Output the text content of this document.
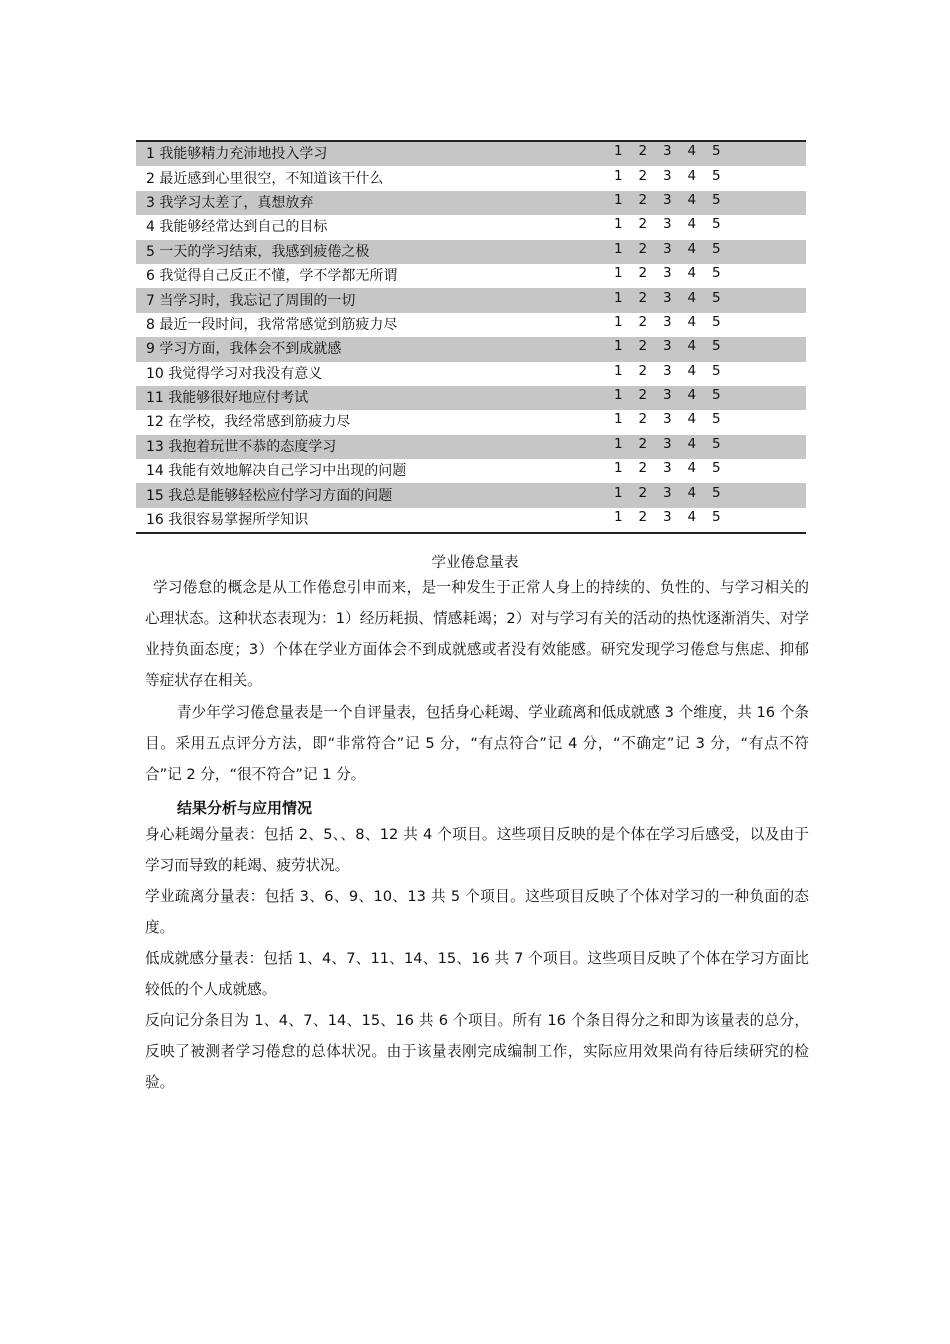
1 我能够精力充沛地投入学习	1	2	3	4	5
2 最近感到心里很空，不知道该干什么	1	2	3	4	5
3 我学习太差了，真想放弃	1	2	3	4	5
4 我能够经常达到自己的目标	1	2	3	4	5
5 一天的学习结束，我感到疲倦之极	1	2	3	4	5
6 我觉得自己反正不懂，学不学都无所谓	1	2	3	4	5
7 当学习时，我忘记了周围的一切	1	2	3	4	5
8 最近一段时间，我常常感觉到筋疲力尽	1	2	3	4	5
9 学习方面，我体会不到成就感	1	2	3	4	5
10 我觉得学习对我没有意义	1	2	3	4	5
11 我能够很好地应付考试	1	2	3	4	5
12 在学校，我经常感到筋疲力尽	1	2	3	4	5
13 我抱着玩世不恭的态度学习	1	2	3	4	5
14 我能有效地解决自己学习中出现的问题	1	2	3	4	5
15 我总是能够轻松应付学习方面的问题	1	2	3	4	5
16 我很容易掌握所学知识	1	2	3	4	5
学业倦怠量表

学习倦怠的概念是从工作倦怠引申而来，是一种发生于正常人身上的持续的、负性的、与学习相关的心理状态。这种状态表现为：1）经历耗损、情感耗竭；2）对与学习有关的活动的热忱逐渐消失、对学业持负面态度；3）个体在学业方面体会不到成就感或者没有效能感。研究发现学习倦怠与焦虑、抑郁等症状存在相关。

青少年学习倦怠量表是一个自评量表，包括身心耗竭、学业疏离和低成就感 3 个维度，共 16 个条目。采用五点评分方法，即“非常符合”记 5 分，“有点符合”记 4 分，“不确定”记 3 分，“有点不符合”记 2 分，“很不符合”记 1 分。

结果分析与应用情况

身心耗竭分量表：包括 2、5、、8、12 共 4 个项目。这些项目反映的是个体在学习后感受，以及由于学习而导致的耗竭、疲劳状况。

学业疏离分量表：包括 3、6、9、10、13 共 5 个项目。这些项目反映了个体对学习的一种负面的态度。

低成就感分量表：包括 1、4、7、11、14、15、16 共 7 个项目。这些项目反映了个体在学习方面比较低的个人成就感。

反向记分条目为 1、4、7、14、15、16 共 6 个项目。所有 16 个条目得分之和即为该量表的总分，反映了被测者学习倦怠的总体状况。由于该量表刚完成编制工作，实际应用效果尚有待后续研究的检验。
